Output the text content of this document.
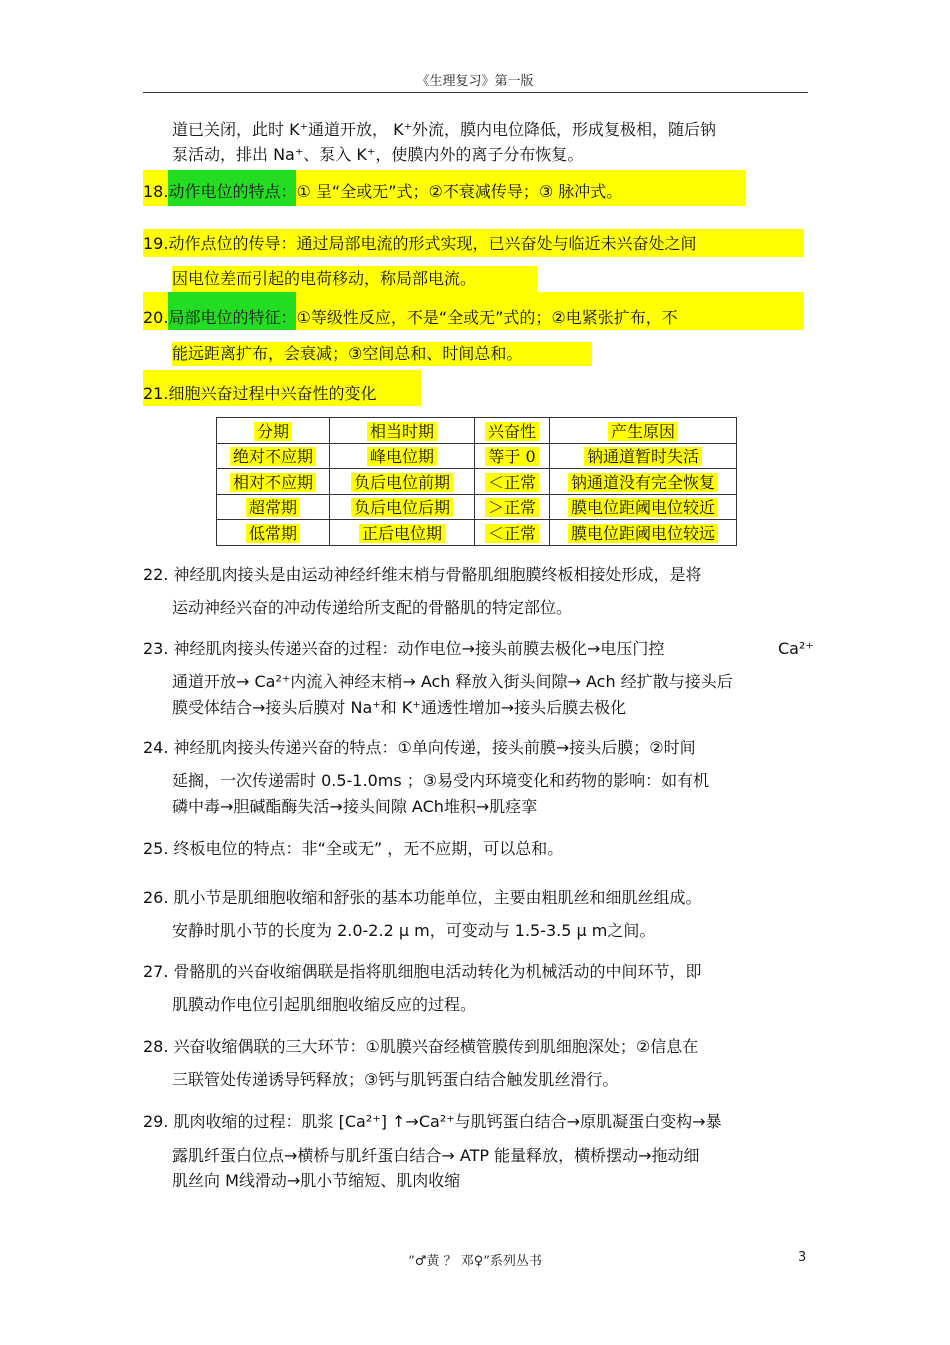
《生理复习》第一版
道已关闭，此时 K⁺通道开放， K⁺外流，膜内电位降低，形成复极相，随后钠
泵活动，排出 Na⁺、泵入 K⁺，使膜内外的离子分布恢复。
18.动作电位的特点：① 呈“全或无”式；②不衰减传导；③ 脉冲式。
19.动作点位的传导：通过局部电流的形式实现，已兴奋处与临近未兴奋处之间
因电位差而引起的电荷移动，称局部电流。
20.局部电位的特征：①等级性反应，不是“全或无”式的；②电紧张扩布，不
能远距离扩布，会衰减；③空间总和、时间总和。
21.细胞兴奋过程中兴奋性的变化
分期	相当时期	兴奋性	产生原因
绝对不应期	峰电位期	等于 0	钠通道暂时失活
相对不应期	负后电位前期	＜正常	钠通道没有完全恢复
超常期	负后电位后期	＞正常	膜电位距阈电位较近
低常期	正后电位期	＜正常	膜电位距阈电位较远
22. 神经肌肉接头是由运动神经纤维末梢与骨骼肌细胞膜终板相接处形成，是将
运动神经兴奋的冲动传递给所支配的骨骼肌的特定部位。
23. 神经肌肉接头传递兴奋的过程：动作电位→接头前膜去极化→电压门控	Ca²⁺
通道开放→ Ca²⁺内流入神经末梢→ Ach 释放入街头间隙→ Ach 经扩散与接头后
膜受体结合→接头后膜对 Na⁺和 K⁺通透性增加→接头后膜去极化
24. 神经肌肉接头传递兴奋的特点：①单向传递，接头前膜→接头后膜；②时间
延搁，一次传递需时 0.5-1.0ms ；③易受内环境变化和药物的影响：如有机
磷中毒→胆碱酯酶失活→接头间隙 ACh堆积→肌痉挛
25. 终板电位的特点：非“全或无” ，无不应期，可以总和。
26. 肌小节是肌细胞收缩和舒张的基本功能单位，主要由粗肌丝和细肌丝组成。
安静时肌小节的长度为 2.0-2.2 μ m，可变动与 1.5-3.5 μ m之间。
27. 骨骼肌的兴奋收缩偶联是指将肌细胞电活动转化为机械活动的中间环节，即
肌膜动作电位引起肌细胞收缩反应的过程。
28. 兴奋收缩偶联的三大环节：①肌膜兴奋经横管膜传到肌细胞深处；②信息在
三联管处传递诱导钙释放；③钙与肌钙蛋白结合触发肌丝滑行。
29. 肌肉收缩的过程：肌浆 [Ca²⁺] ↑→Ca²⁺与肌钙蛋白结合→原肌凝蛋白变构→暴
露肌纤蛋白位点→横桥与肌纤蛋白结合→ ATP 能量释放，横桥摆动→拖动细
肌丝向 M线滑动→肌小节缩短、肌肉收缩
“♂黄 ？ 邓♀”系列丛书	3
